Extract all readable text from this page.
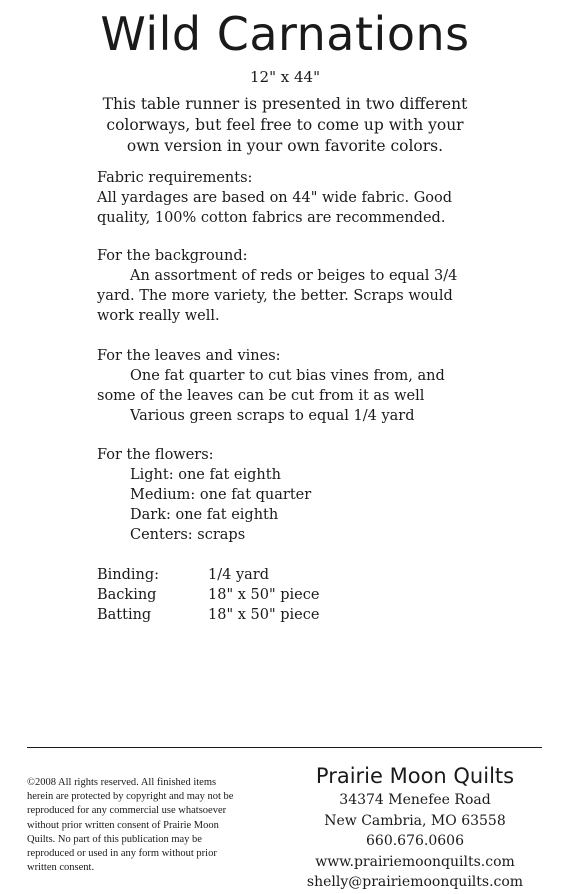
Wild Carnations
12" x 44"
This table runner is presented in two different
colorways, but feel free to come up with your
own version in your own favorite colors.
Fabric requirements:
All yardages are based on 44" wide fabric. Good
quality, 100% cotton fabrics are recommended.
For the background:
An assortment of reds or beiges to equal 3/4
yard. The more variety, the better. Scraps would
work really well.
For the leaves and vines:
One fat quarter to cut bias vines from, and
some of the leaves can be cut from it as well
Various green scraps to equal 1/4 yard
For the flowers:
Light: one fat eighth
Medium: one fat quarter
Dark: one fat eighth
Centers: scraps
Binding:	1/4 yard
Backing	18" x 50" piece
Batting	18" x 50" piece
©2008 All rights reserved. All finished items
herein are protected by copyright and may not be
reproduced for any commercial use whatsoever
without prior written consent of Prairie Moon
Quilts. No part of this publication may be
reproduced or used in any form without prior
written consent.
Prairie Moon Quilts
34374 Menefee Road
New Cambria, MO 63558
660.676.0606
www.prairiemoonquilts.com
shelly@prairiemoonquilts.com
